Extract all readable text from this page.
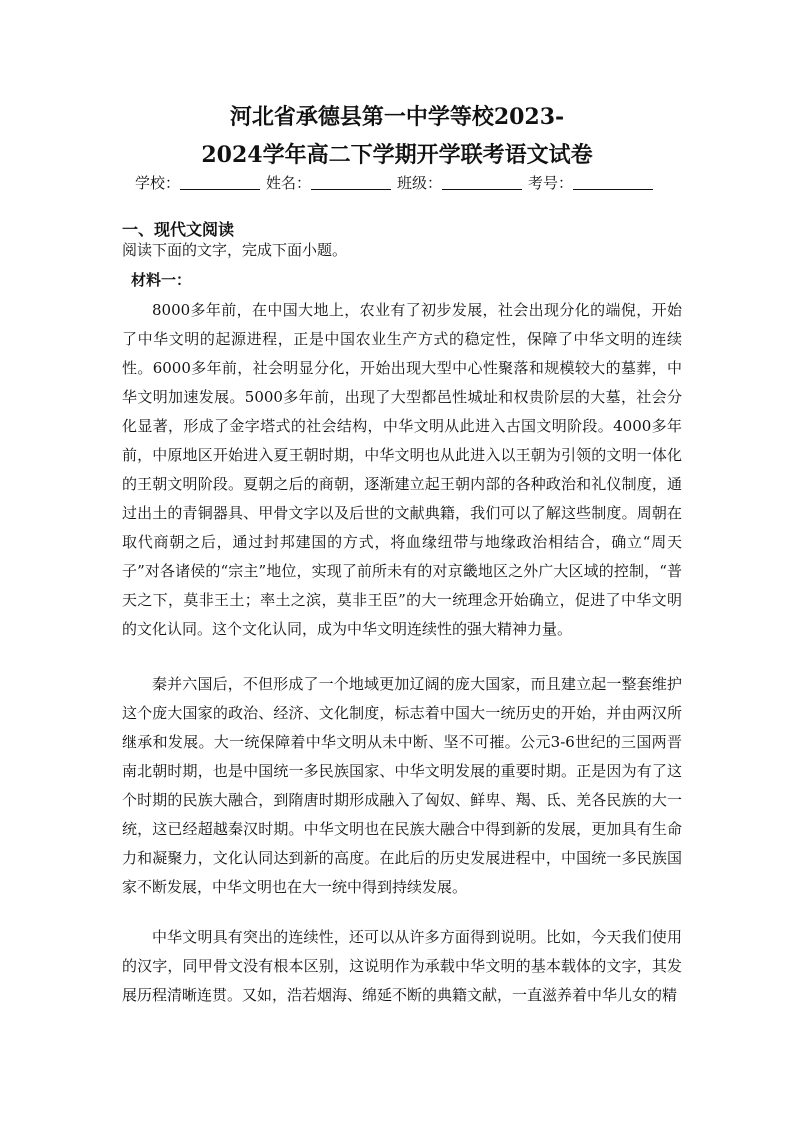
河北省承德县第一中学等校2023-
2024学年高二下学期开学联考语文试卷
学校：	姓名：	班级：	考号：
一、现代文阅读
阅读下面的文字，完成下面小题。
材料一：

8000多年前，在中国大地上，农业有了初步发展，社会出现分化的端倪，开始了中华文明的起源进程，正是中国农业生产方式的稳定性，保障了中华文明的连续性。6000多年前，社会明显分化，开始出现大型中心性聚落和规模较大的墓葬，中华文明加速发展。5000多年前，出现了大型都邑性城址和权贵阶层的大墓，社会分化显著，形成了金字塔式的社会结构，中华文明从此进入古国文明阶段。4000多年前，中原地区开始进入夏王朝时期，中华文明也从此进入以王朝为引领的文明一体化的王朝文明阶段。夏朝之后的商朝，逐渐建立起王朝内部的各种政治和礼仪制度，通过出土的青铜器具、甲骨文字以及后世的文献典籍，我们可以了解这些制度。周朝在取代商朝之后，通过封邦建国的方式，将血缘纽带与地缘政治相结合，确立“周天子”对各诸侯的“宗主”地位，实现了前所未有的对京畿地区之外广大区域的控制，“普天之下，莫非王土；率土之滨，莫非王臣”的大一统理念开始确立，促进了中华文明的文化认同。这个文化认同，成为中华文明连续性的强大精神力量。

秦并六国后，不但形成了一个地域更加辽阔的庞大国家，而且建立起一整套维护这个庞大国家的政治、经济、文化制度，标志着中国大一统历史的开始，并由两汉所继承和发展。大一统保障着中华文明从未中断、坚不可摧。公元3-6世纪的三国两晋南北朝时期，也是中国统一多民族国家、中华文明发展的重要时期。正是因为有了这个时期的民族大融合，到隋唐时期形成融入了匈奴、鲜卑、羯、氐、羌各民族的大一统，这已经超越秦汉时期。中华文明也在民族大融合中得到新的发展，更加具有生命力和凝聚力，文化认同达到新的高度。在此后的历史发展进程中，中国统一多民族国家不断发展，中华文明也在大一统中得到持续发展。

中华文明具有突出的连续性，还可以从许多方面得到说明。比如，今天我们使用的汉字，同甲骨文没有根本区别，这说明作为承载中华文明的基本载体的文字，其发展历程清晰连贯。又如，浩若烟海、绵延不断的典籍文献，一直滋养着中华儿女的精
